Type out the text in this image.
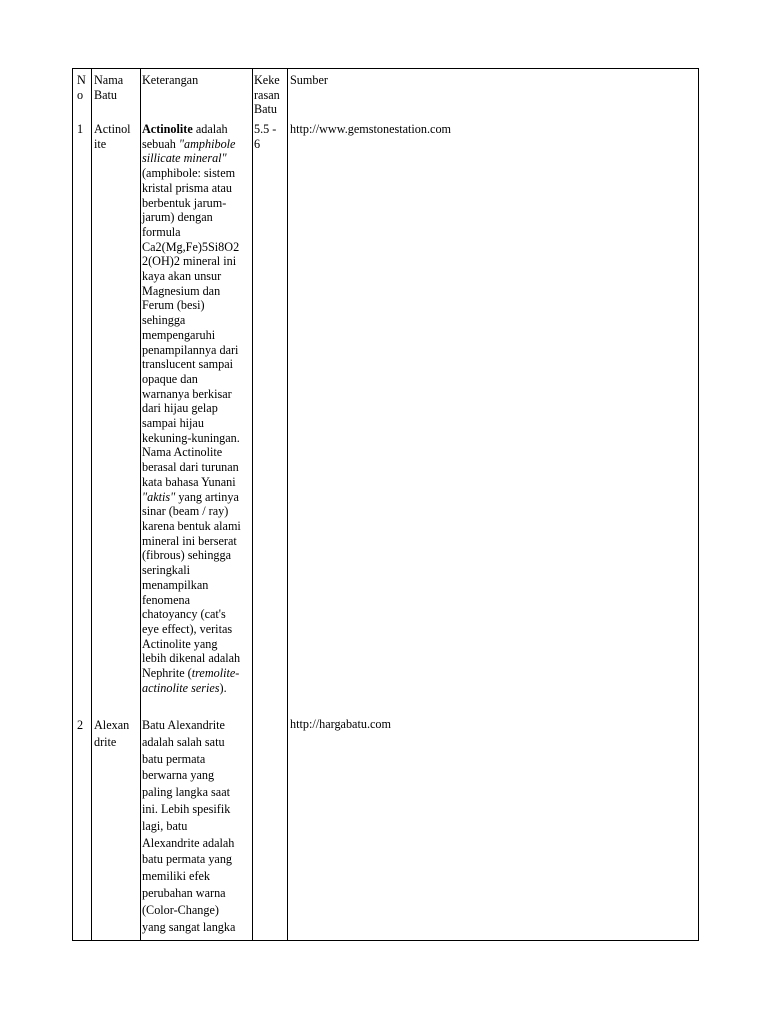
N
o
Nama
Batu
Keterangan	Keke
rasan
Batu
Sumber
1 Actinol
ite
Actinolite adalah
sebuah "amphibole
sillicate mineral"
(amphibole: sistem
kristal prisma atau
berbentuk jarum-
jarum) dengan
formula
Ca2(Mg,Fe)5Si8O2
2(OH)2 mineral ini
kaya akan unsur
Magnesium dan
Ferum (besi)
sehingga
mempengaruhi
penampilannya dari
translucent sampai
opaque dan
warnanya berkisar
dari hijau gelap
sampai hijau
kekuning-kuningan.
Nama Actinolite
berasal dari turunan
kata bahasa Yunani
"aktis" yang artinya
sinar (beam / ray)
karena bentuk alami
mineral ini berserat
(fibrous) sehingga
seringkali
menampilkan
fenomena
chatoyancy (cat's
eye effect), veritas
Actinolite yang
lebih dikenal adalah
Nephrite (tremolite-
actinolite series).
5.5 -
6
http://www.gemstonestation.com
2 Alexan
drite
Batu Alexandrite
adalah salah satu
batu permata
berwarna yang
paling langka saat
ini. Lebih spesifik
lagi, batu
Alexandrite adalah
batu permata yang
memiliki efek
perubahan warna
(Color-Change)
yang sangat langka
http://hargabatu.com
